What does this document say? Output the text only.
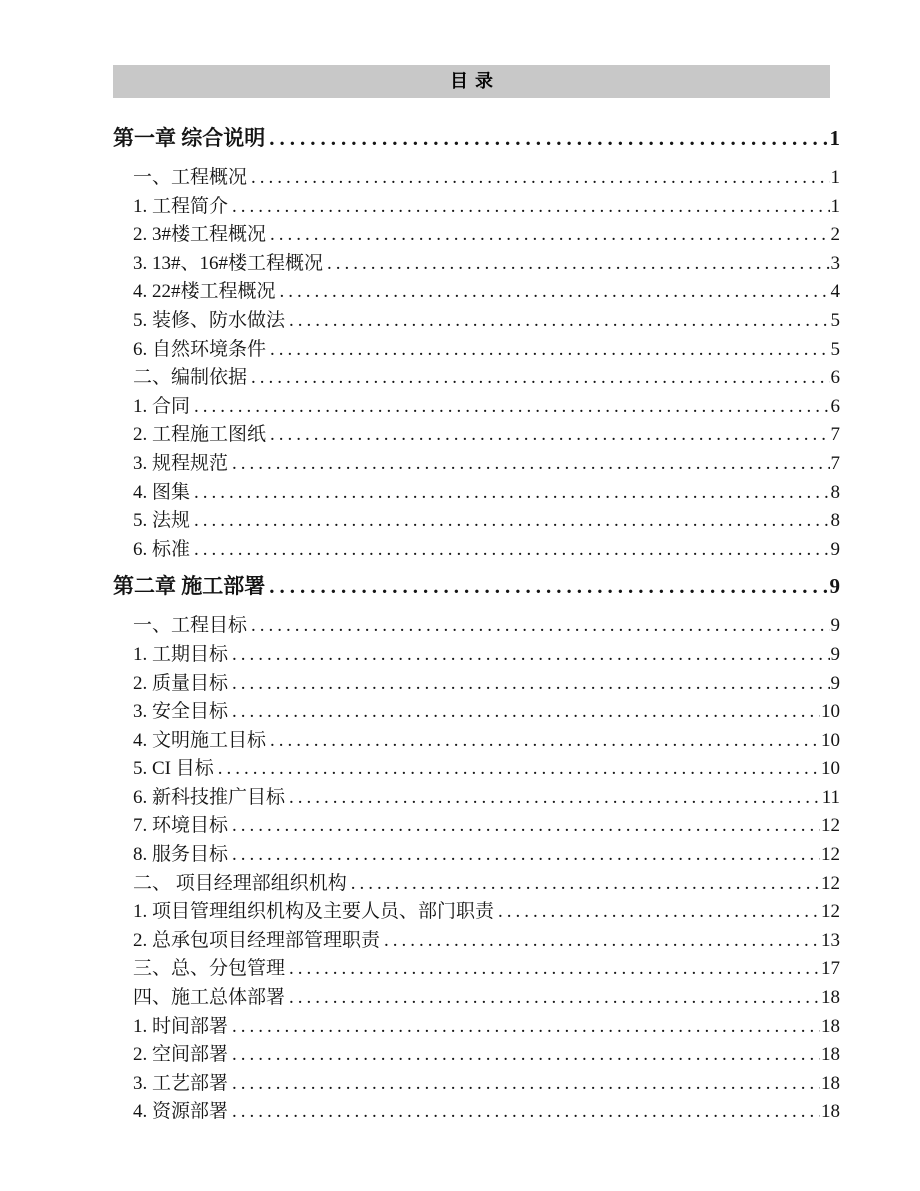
目录
第一章 综合说明 .....	1
一、工程概况 .....	1
1. 工程简介 .....	1
2. 3#楼工程概况 .....	2
3. 13#、16#楼工程概况 .....	3
4. 22#楼工程概况 .....	4
5. 装修、防水做法 .....	5
6. 自然环境条件 .....	5
二、编制依据 .....	6
1. 合同 .....	6
2. 工程施工图纸 .....	7
3. 规程规范 .....	7
4. 图集 .....	8
5. 法规 .....	8
6. 标准 .....	9
第二章 施工部署 .....	9
一、工程目标 .....	9
1. 工期目标 .....	9
2. 质量目标 .....	9
3. 安全目标 .....	10
4. 文明施工目标 .....	10
5. CI 目标 .....	10
6. 新科技推广目标 .....	11
7. 环境目标 .....	12
8. 服务目标 .....	12
二、 项目经理部组织机构 .....	12
1. 项目管理组织机构及主要人员、部门职责 .....	12
2. 总承包项目经理部管理职责 .....	13
三、总、分包管理 .....	17
四、施工总体部署 .....	18
1. 时间部署 .....	18
2. 空间部署 .....	18
3. 工艺部署 .....	18
4. 资源部署 .....	18
